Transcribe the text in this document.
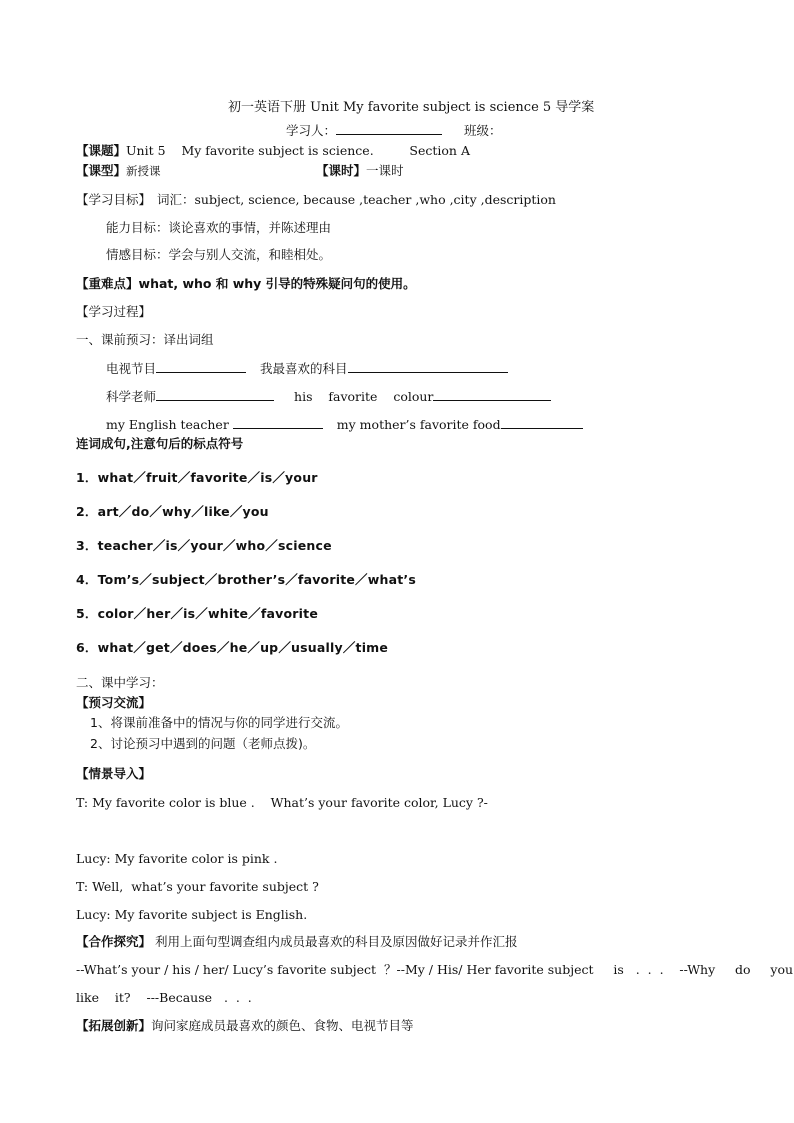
初一英语下册 Unit My favorite subject is science 5 导学案
学习人：	班级：
【课题】Unit 5    My favorite subject is science.         Section A
【课型】新授课	【课时】一课时
【学习目标】 词汇：subject, science, because ,teacher ,who ,city ,description
能力目标：谈论喜欢的事情，并陈述理由
情感目标：学会与别人交流，和睦相处。
【重难点】what, who 和 why 引导的特殊疑问句的使用。
【学习过程】
一、课前预习：译出词组
电视节目	我最喜欢的科目
科学老师	his    favorite    colour
my English teacher	my mother’s favorite food
连词成句,注意句后的标点符号
1．what／fruit／favorite／is／your
2．art／do／why／like／you
3．teacher／is／your／who／science
4．Tom’s／subject／brother’s／favorite／what’s
5．color／her／is／white／favorite
6．what／get／does／he／up／usually／time
二、课中学习：
【预习交流】
1、将课前准备中的情况与你的同学进行交流。
2、讨论预习中遇到的问题（老师点拨)。
【情景导入】
T: My favorite color is blue .    What’s your favorite color, Lucy ?-
Lucy: My favorite color is pink .
T: Well,  what’s your favorite subject ?
Lucy: My favorite subject is English.
【合作探究】 利用上面句型调查组内成员最喜欢的科目及原因做好记录并作汇报
--What’s your / his / her/ Lucy’s favorite subject  ？--My / His/ Her favorite subject     is   .  .  .    --Why     do     you
like    it?    ---Because   .  .  .
【拓展创新】询问家庭成员最喜欢的颜色、食物、电视节目等
